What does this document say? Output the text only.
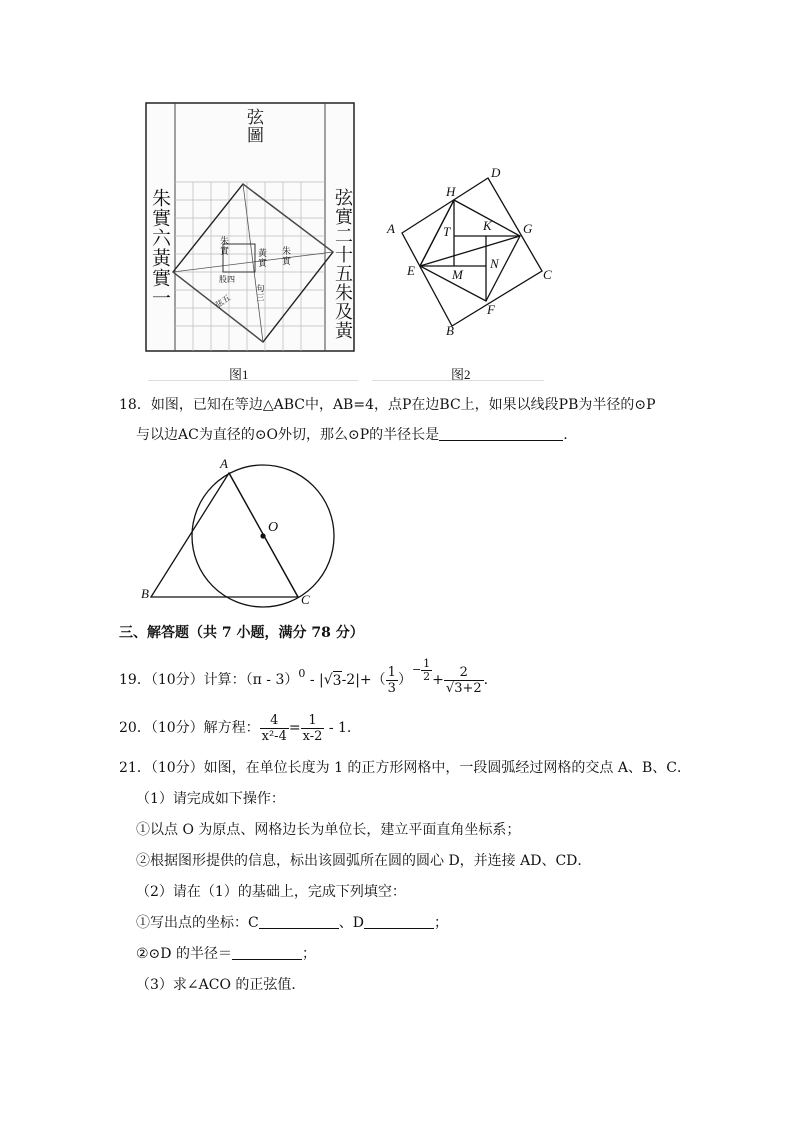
弦圖
朱實六黃實一	弦實二十五朱及黃
朱實
黃實 朱實
股四
句三
弦五
图1
H
D
A	T	K G
E	M
N
C
F
B
图2
18．如图，已知在等边△ABC中，AB=4，点P在边BC上，如果以线段PB为半径的⊙P
与以边AC为直径的⊙O外切，那么⊙P的半径长是	.
A
O
B	C
三、解答题（共 7 小题，满分 78 分）
19．（10分）计算：（π - 3）$^0$ - | √ 3 $-2|+( \frac{1}{3}$ ）
− $\frac{1}{2} + \frac{2}{√3+2}$ .
20．（10分）解方程： $\frac{4}{\text{x²-4}} = \frac{1}{x-2} - 1$.
21．（10分）如图，在单位长度为 1 的正方形网格中，一段圆弧经过网格的交点 A、B、C．
（1）请完成如下操作：
①以点 O 为原点、网格边长为单位长，建立平面直角坐标系；
②根据图形提供的信息，标出该圆弧所在圆的圆心 D，并连接 AD、CD．
（2）请在（1）的基础上，完成下列填空：
①写出点的坐标：C	、D	；
②⊙D 的半径＝	；
（3）求∠ACO 的正弦值．
